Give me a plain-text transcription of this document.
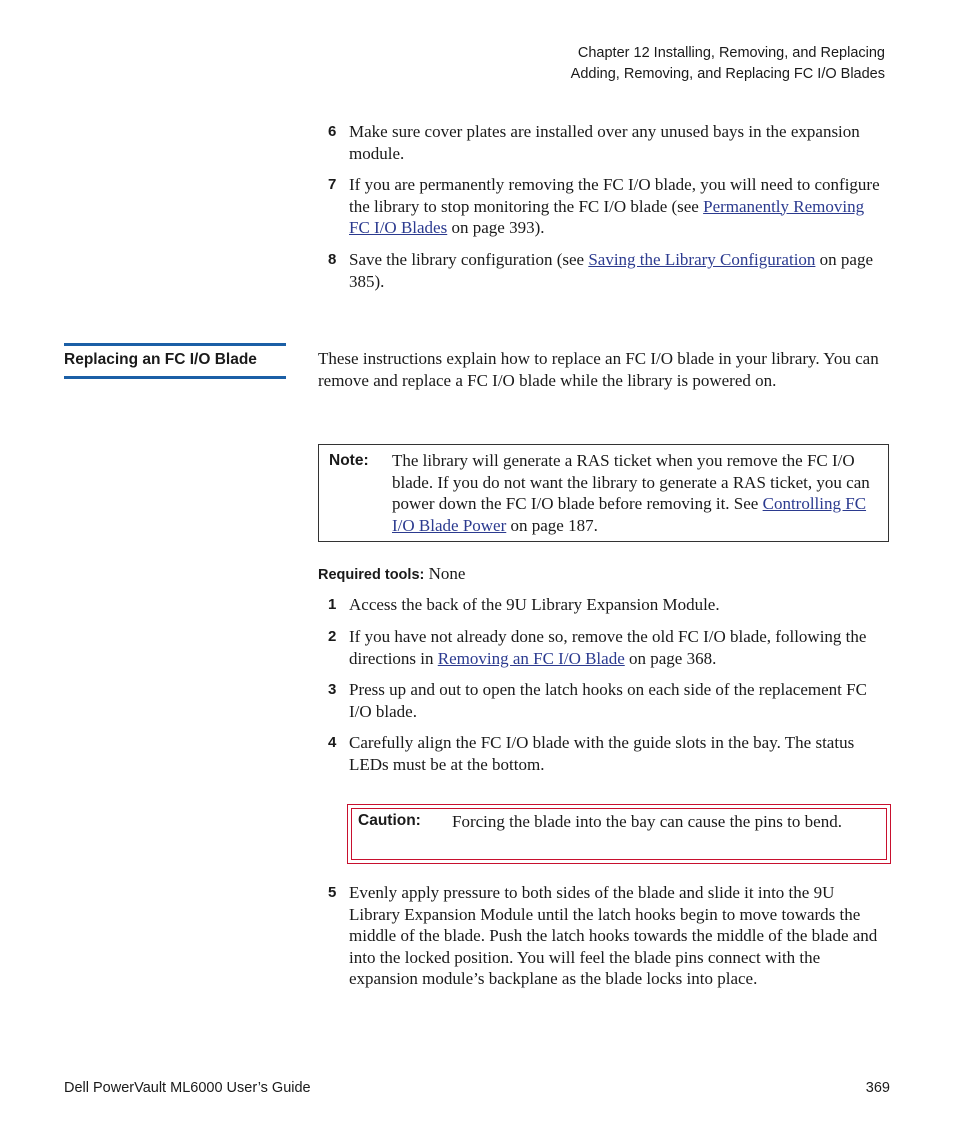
Chapter 12 Installing, Removing, and Replacing
Adding, Removing, and Replacing FC I/O Blades
6 Make sure cover plates are installed over any unused bays in the expansion module.
7 If you are permanently removing the FC I/O blade, you will need to configure the library to stop monitoring the FC I/O blade (see Permanently Removing FC I/O Blades on page 393).
8 Save the library configuration (see Saving the Library Configuration on page 385).
Replacing an FC I/O Blade	These instructions explain how to replace an FC I/O blade in your library. You can remove and replace a FC I/O blade while the library is powered on.
Note: The library will generate a RAS ticket when you remove the FC I/O blade. If you do not want the library to generate a RAS ticket, you can power down the FC I/O blade before removing it. See Controlling FC I/O Blade Power on page 187.
Required tools: None
1 Access the back of the 9U Library Expansion Module.
2 If you have not already done so, remove the old FC I/O blade, following the directions in Removing an FC I/O Blade on page 368.
3 Press up and out to open the latch hooks on each side of the replacement FC I/O blade.
4 Carefully align the FC I/O blade with the guide slots in the bay. The status LEDs must be at the bottom.
Caution: Forcing the blade into the bay can cause the pins to bend.
5 Evenly apply pressure to both sides of the blade and slide it into the 9U Library Expansion Module until the latch hooks begin to move towards the middle of the blade. Push the latch hooks towards the middle of the blade and into the locked position. You will feel the blade pins connect with the expansion module’s backplane as the blade locks into place.
Dell PowerVault ML6000 User’s Guide	369
